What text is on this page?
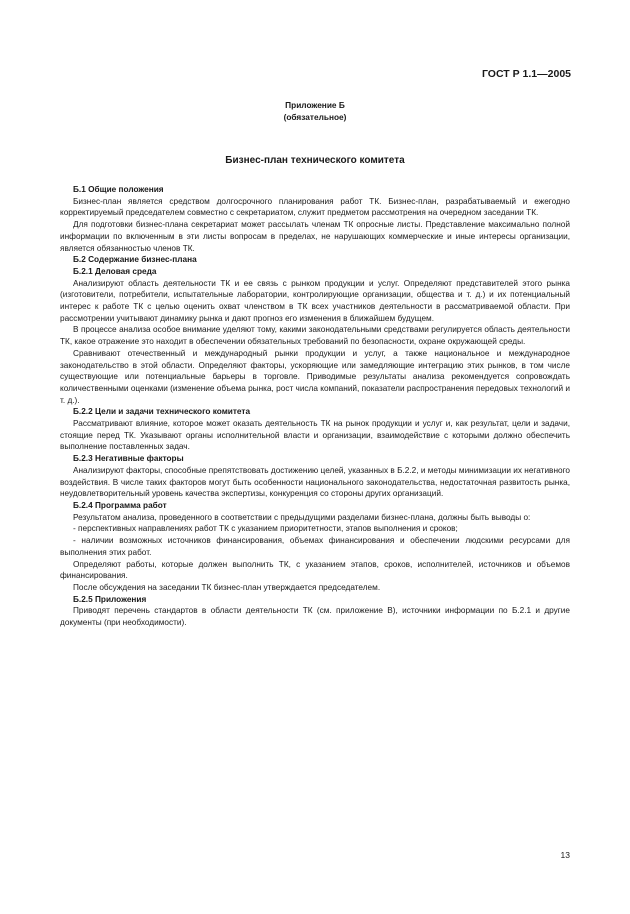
ГОСТ Р 1.1—2005
Приложение Б
(обязательное)
Бизнес-план технического комитета
Б.1 Общие положения

Бизнес-план является средством долгосрочного планирования работ ТК. Бизнес-план, разрабатываемый и ежегодно корректируемый председателем совместно с секретариатом, служит предметом рассмотрения на очередном заседании ТК.

Для подготовки бизнес-плана секретариат может рассылать членам ТК опросные листы. Представление максимально полной информации по включенным в эти листы вопросам в пределах, не нарушающих коммерческие и иные интересы организации, является обязанностью членов ТК.

Б.2 Содержание бизнес-плана
Б.2.1 Деловая среда

Анализируют область деятельности ТК и ее связь с рынком продукции и услуг. Определяют представителей этого рынка (изготовители, потребители, испытательные лаборатории, контролирующие организации, общества и т. д.) и их потенциальный интерес к работе ТК с целью оценить охват членством в ТК всех участников деятельности в рассматриваемой области. При рассмотрении учитывают динамику рынка и дают прогноз его изменения в ближайшем будущем.

В процессе анализа особое внимание уделяют тому, какими законодательными средствами регулируется область деятельности ТК, какое отражение это находит в обеспечении обязательных требований по безопасности, охране окружающей среды.

Сравнивают отечественный и международный рынки продукции и услуг, а также национальное и международное законодательство в этой области. Определяют факторы, ускоряющие или замедляющие интеграцию этих рынков, в том числе существующие или потенциальные барьеры в торговле. Приводимые результаты анализа рекомендуется сопровождать количественными оценками (изменение объема рынка, рост числа компаний, показатели распространения передовых технологий и т. д.).

Б.2.2 Цели и задачи технического комитета

Рассматривают влияние, которое может оказать деятельность ТК на рынок продукции и услуг и, как результат, цели и задачи, стоящие перед ТК. Указывают органы исполнительной власти и организации, взаимодействие с которыми должно обеспечить выполнение поставленных задач.

Б.2.3 Негативные факторы

Анализируют факторы, способные препятствовать достижению целей, указанных в Б.2.2, и методы минимизации их негативного воздействия. В числе таких факторов могут быть особенности национального законодательства, недостаточная развитость рынка, неудовлетворительный уровень качества экспертизы, конкуренция со стороны других организаций.

Б.2.4 Программа работ

Результатом анализа, проведенного в соответствии с предыдущими разделами бизнес-плана, должны быть выводы о:

- перспективных направлениях работ ТК с указанием приоритетности, этапов выполнения и сроков;

- наличии возможных источников финансирования, объемах финансирования и обеспечении людскими ресурсами для выполнения этих работ.

Определяют работы, которые должен выполнить ТК, с указанием этапов, сроков, исполнителей, источников и объемов финансирования.

После обсуждения на заседании ТК бизнес-план утверждается председателем.

Б.2.5 Приложения

Приводят перечень стандартов в области деятельности ТК (см. приложение В), источники информации по Б.2.1 и другие документы (при необходимости).

13
